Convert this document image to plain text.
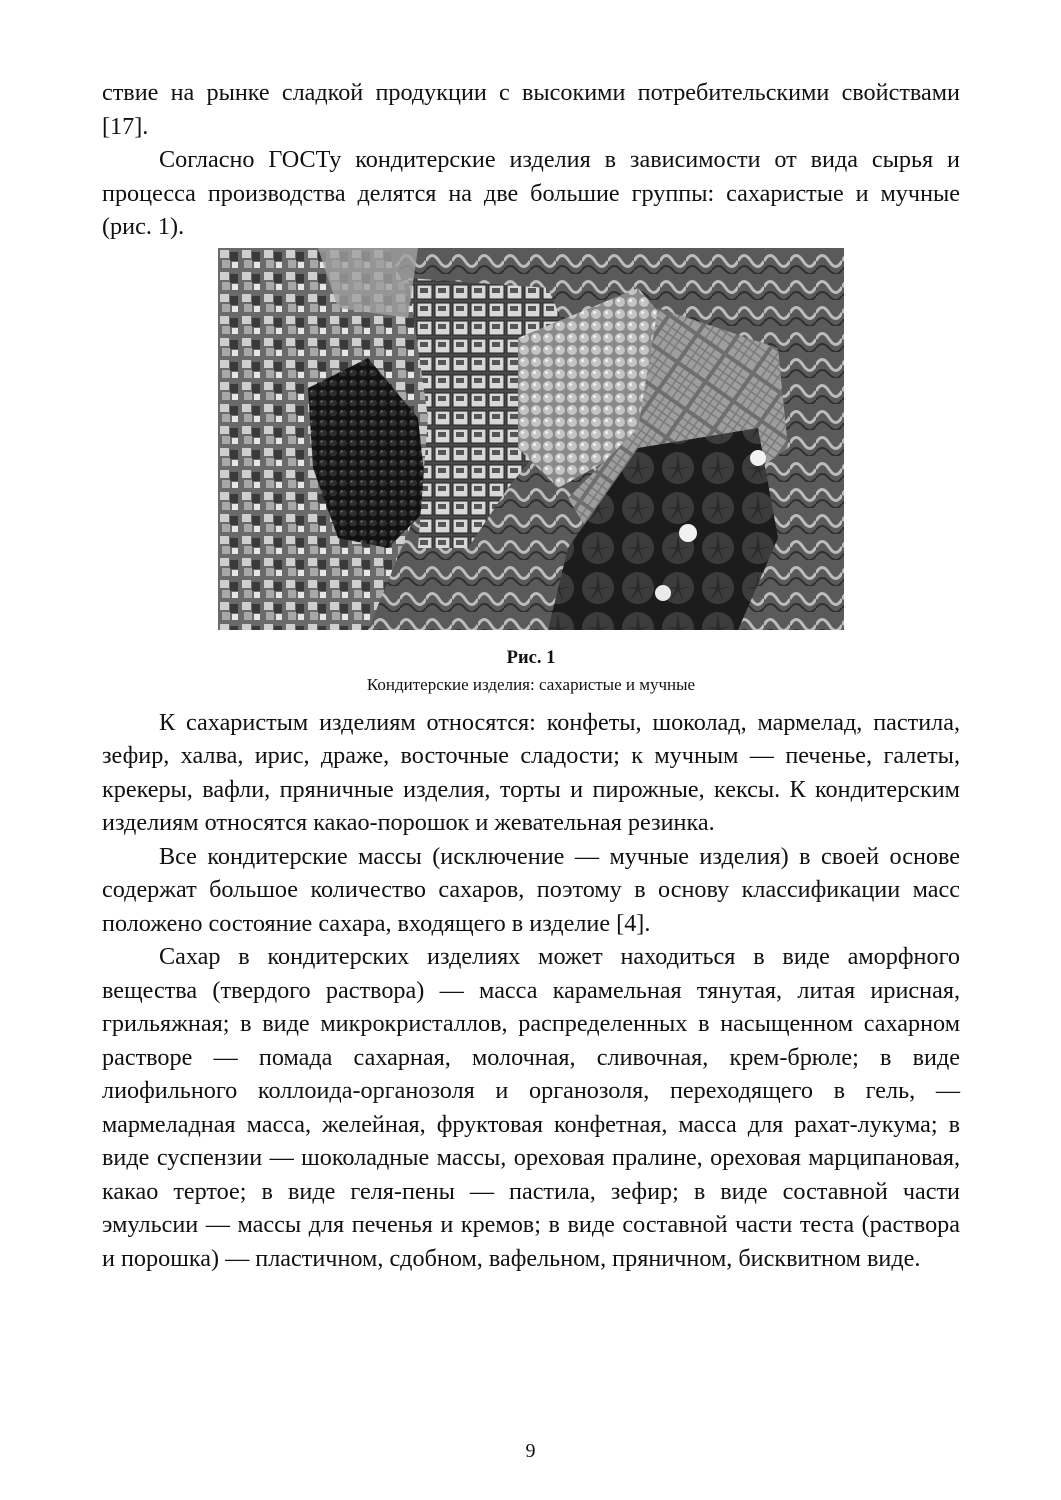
ствие на рынке сладкой продукции с высокими потребительскими свойствами [17].

Согласно ГОСТу кондитерские изделия в зависимости от вида сырья и процесса производства делятся на две большие группы: сахаристые и мучные (рис. 1).

Рис. 1
Кондитерские изделия: сахаристые и мучные

К сахаристым изделиям относятся: конфеты, шоколад, мармелад, пастила, зефир, халва, ирис, драже, восточные сладости; к мучным — печенье, галеты, крекеры, вафли, пряничные изделия, торты и пирожные, кексы. К кондитерским изделиям относятся какао-порошок и жевательная резинка.

Все кондитерские массы (исключение — мучные изделия) в своей основе содержат большое количество сахаров, поэтому в основу классификации масс положено состояние сахара, входящего в изделие [4].

Сахар в кондитерских изделиях может находиться в виде аморфного вещества (твердого раствора) — масса карамельная тянутая, литая ирисная, грильяжная; в виде микрокристаллов, распределенных в насыщенном сахарном растворе — помада сахарная, молочная, сливочная, крем-брюле; в виде лиофильного коллоида-органозоля и органозоля, переходящего в гель, — мармеладная масса, желейная, фруктовая конфетная, масса для рахат-лукума; в виде суспензии — шоколадные массы, ореховая пралине, ореховая марципановая, какао тертое; в виде геля-пены — пастила, зефир; в виде составной части эмульсии — массы для печенья и кремов; в виде составной части теста (раствора и порошка) — пластичном, сдобном, вафельном, пряничном, бисквитном виде.

9
